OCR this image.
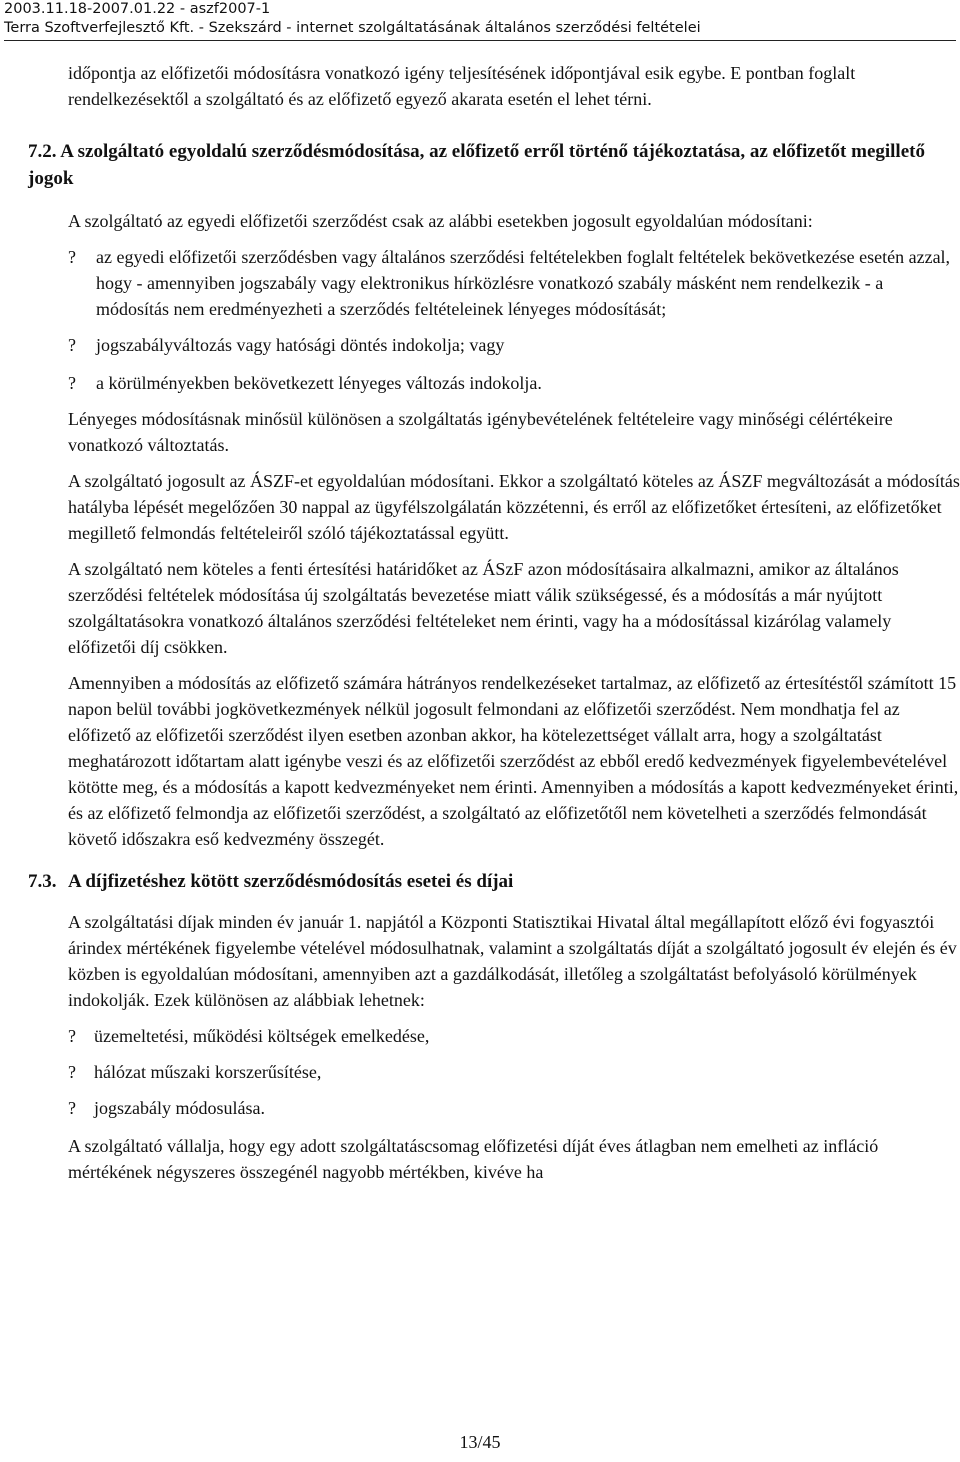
2003.11.18-2007.01.22 - aszf2007-1
Terra Szoftverfejlesztő Kft. - Szekszárd - internet szolgáltatásának általános szerződési feltételei

időpontja az előfizetői módosításra vonatkozó igény teljesítésének időpontjával esik egybe. E pontban foglalt rendelkezésektől a szolgáltató és az előfizető egyező akarata esetén el lehet térni.

7.2. A szolgáltató egyoldalú szerződésmódosítása, az előfizető erről történő tájékoztatása, az előfizetőt megillető jogok

A szolgáltató az egyedi előfizetői szerződést csak az alábbi esetekben jogosult egyoldalúan módosítani:

? az egyedi előfizetői szerződésben vagy általános szerződési feltételekben foglalt feltételek bekövetkezése esetén azzal, hogy - amennyiben jogszabály vagy elektronikus hírközlésre vonatkozó szabály másként nem rendelkezik - a módosítás nem eredményezheti a szerződés feltételeinek lényeges módosítását;
? jogszabályváltozás vagy hatósági döntés indokolja; vagy
? a körülményekben bekövetkezett lényeges változás indokolja.

Lényeges módosításnak minősül különösen a szolgáltatás igénybevételének feltételeire vagy minőségi célértékeire vonatkozó változtatás.

A szolgáltató jogosult az ÁSZF-et egyoldalúan módosítani. Ekkor a szolgáltató köteles az ÁSZF megváltozását a módosítás hatályba lépését megelőzően 30 nappal az ügyfélszolgálatán közzétenni, és erről az előfizetőket értesíteni, az előfizetőket megillető felmondás feltételeiről szóló tájékoztatással együtt.

A szolgáltató nem köteles a fenti értesítési határidőket az ÁSzF azon módosításaira alkalmazni, amikor az általános szerződési feltételek módosítása új szolgáltatás bevezetése miatt válik szükségessé, és a módosítás a már nyújtott szolgáltatásokra vonatkozó általános szerződési feltételeket nem érinti, vagy ha a módosítással kizárólag valamely előfizetői díj csökken.

Amennyiben a módosítás az előfizető számára hátrányos rendelkezéseket tartalmaz, az előfizető az értesítéstől számított 15 napon belül további jogkövetkezmények nélkül jogosult felmondani az előfizetői szerződést. Nem mondhatja fel az előfizető az előfizetői szerződést ilyen esetben azonban akkor, ha kötelezettséget vállalt arra, hogy a szolgáltatást meghatározott időtartam alatt igénybe veszi és az előfizetői szerződést az ebből eredő kedvezmények figyelembevételével kötötte meg, és a módosítás a kapott kedvezményeket nem érinti. Amennyiben a módosítás a kapott kedvezményeket érinti, és az előfizető felmondja az előfizetői szerződést, a szolgáltató az előfizetőtől nem követelheti a szerződés felmondását követő időszakra eső kedvezmény összegét.

7.3. A díjfizetéshez kötött szerződésmódosítás esetei és díjai

A szolgáltatási díjak minden év január 1. napjától a Központi Statisztikai Hivatal által megállapított előző évi fogyasztói árindex mértékének figyelembe vételével módosulhatnak, valamint a szolgáltatás díját a szolgáltató jogosult év elején és év közben is egyoldalúan módosítani, amennyiben azt a gazdálkodását, illetőleg a szolgáltatást befolyásoló körülmények indokolják. Ezek különösen az alábbiak lehetnek:

? üzemeltetési, működési költségek emelkedése,
? hálózat műszaki korszerűsítése,
? jogszabály módosulása.

A szolgáltató vállalja, hogy egy adott szolgáltatáscsomag előfizetési díját éves átlagban nem emelheti az infláció mértékének négyszeres összegénél nagyobb mértékben, kivéve ha

13/45
